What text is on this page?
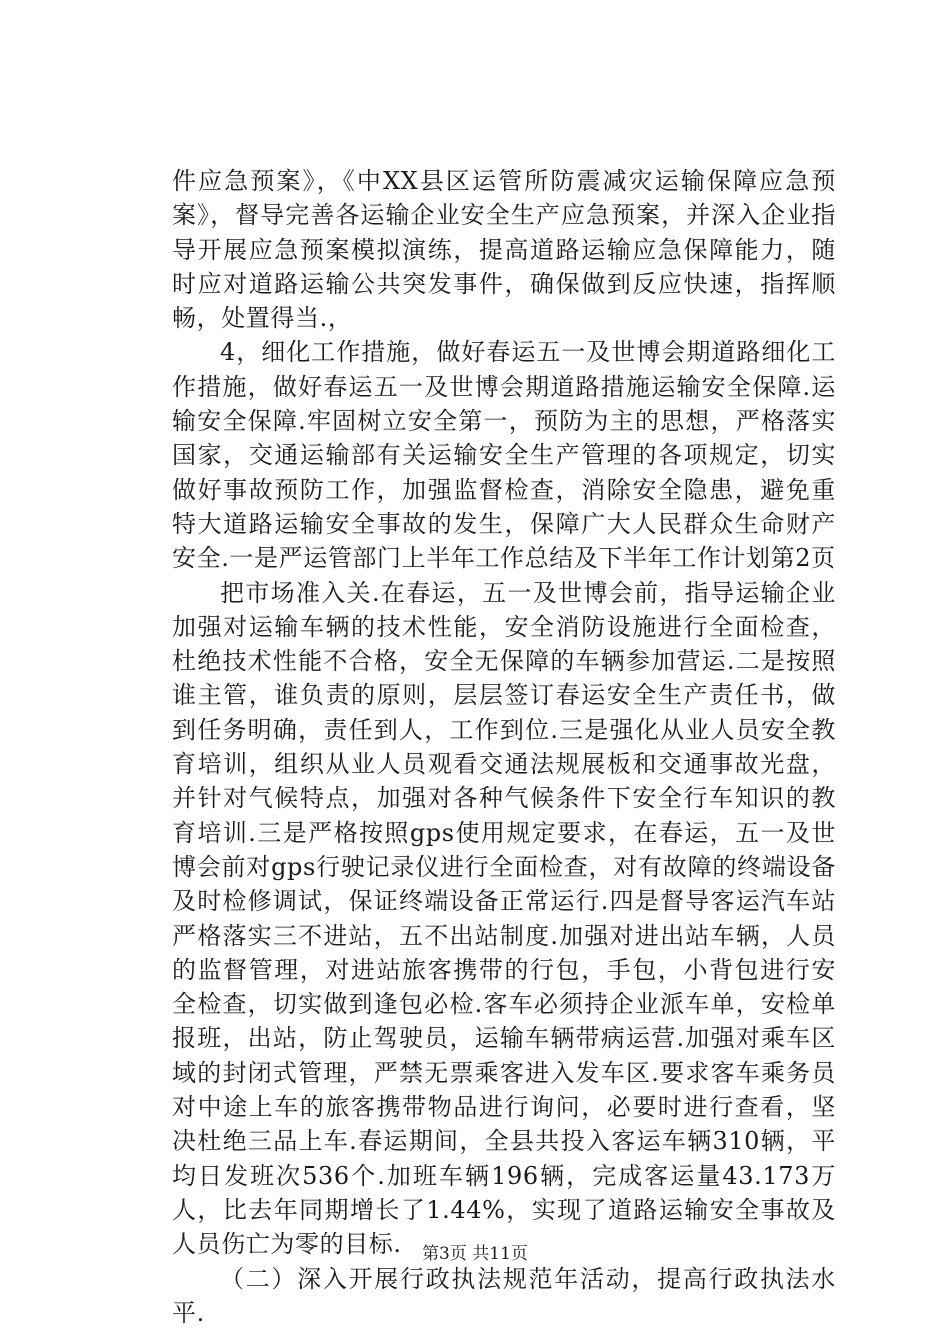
件应急预案》，《中XX县区运管所防震减灾运输保障应急预案》，督导完善各运输企业安全生产应急预案，并深入企业指导开展应急预案模拟演练，提高道路运输应急保障能力，随时应对道路运输公共突发事件，确保做到反应快速，指挥顺畅，处置得当.，

4，细化工作措施，做好春运五一及世博会期道路细化工作措施，做好春运五一及世博会期道路措施运输安全保障.运输安全保障.牢固树立安全第一，预防为主的思想，严格落实国家，交通运输部有关运输安全生产管理的各项规定，切实做好事故预防工作，加强监督检查，消除安全隐患，避免重特大道路运输安全事故的发生，保障广大人民群众生命财产安全.一是严运管部门上半年工作总结及下半年工作计划第2页

把市场准入关.在春运，五一及世博会前，指导运输企业加强对运输车辆的技术性能，安全消防设施进行全面检查，杜绝技术性能不合格，安全无保障的车辆参加营运.二是按照谁主管，谁负责的原则，层层签订春运安全生产责任书，做到任务明确，责任到人，工作到位.三是强化从业人员安全教育培训，组织从业人员观看交通法规展板和交通事故光盘，并针对气候特点，加强对各种气候条件下安全行车知识的教育培训.三是严格按照gps使用规定要求，在春运，五一及世博会前对gps行驶记录仪进行全面检查，对有故障的终端设备及时检修调试，保证终端设备正常运行.四是督导客运汽车站严格落实三不进站，五不出站制度.加强对进出站车辆，人员的监督管理，对进站旅客携带的行包，手包，小背包进行安全检查，切实做到逢包必检.客车必须持企业派车单，安检单报班，出站，防止驾驶员，运输车辆带病运营.加强对乘车区域的封闭式管理，严禁无票乘客进入发车区.要求客车乘务员对中途上车的旅客携带物品进行询问，必要时进行查看，坚决杜绝三品上车.春运期间，全县共投入客运车辆310辆，平均日发班次536个.加班车辆196辆，完成客运量43.173万人，比去年同期增长了1.44%，实现了道路运输安全事故及人员伤亡为零的目标.

（二）深入开展行政执法规范年活动，提高行政执法水平.

第3页 共11页
